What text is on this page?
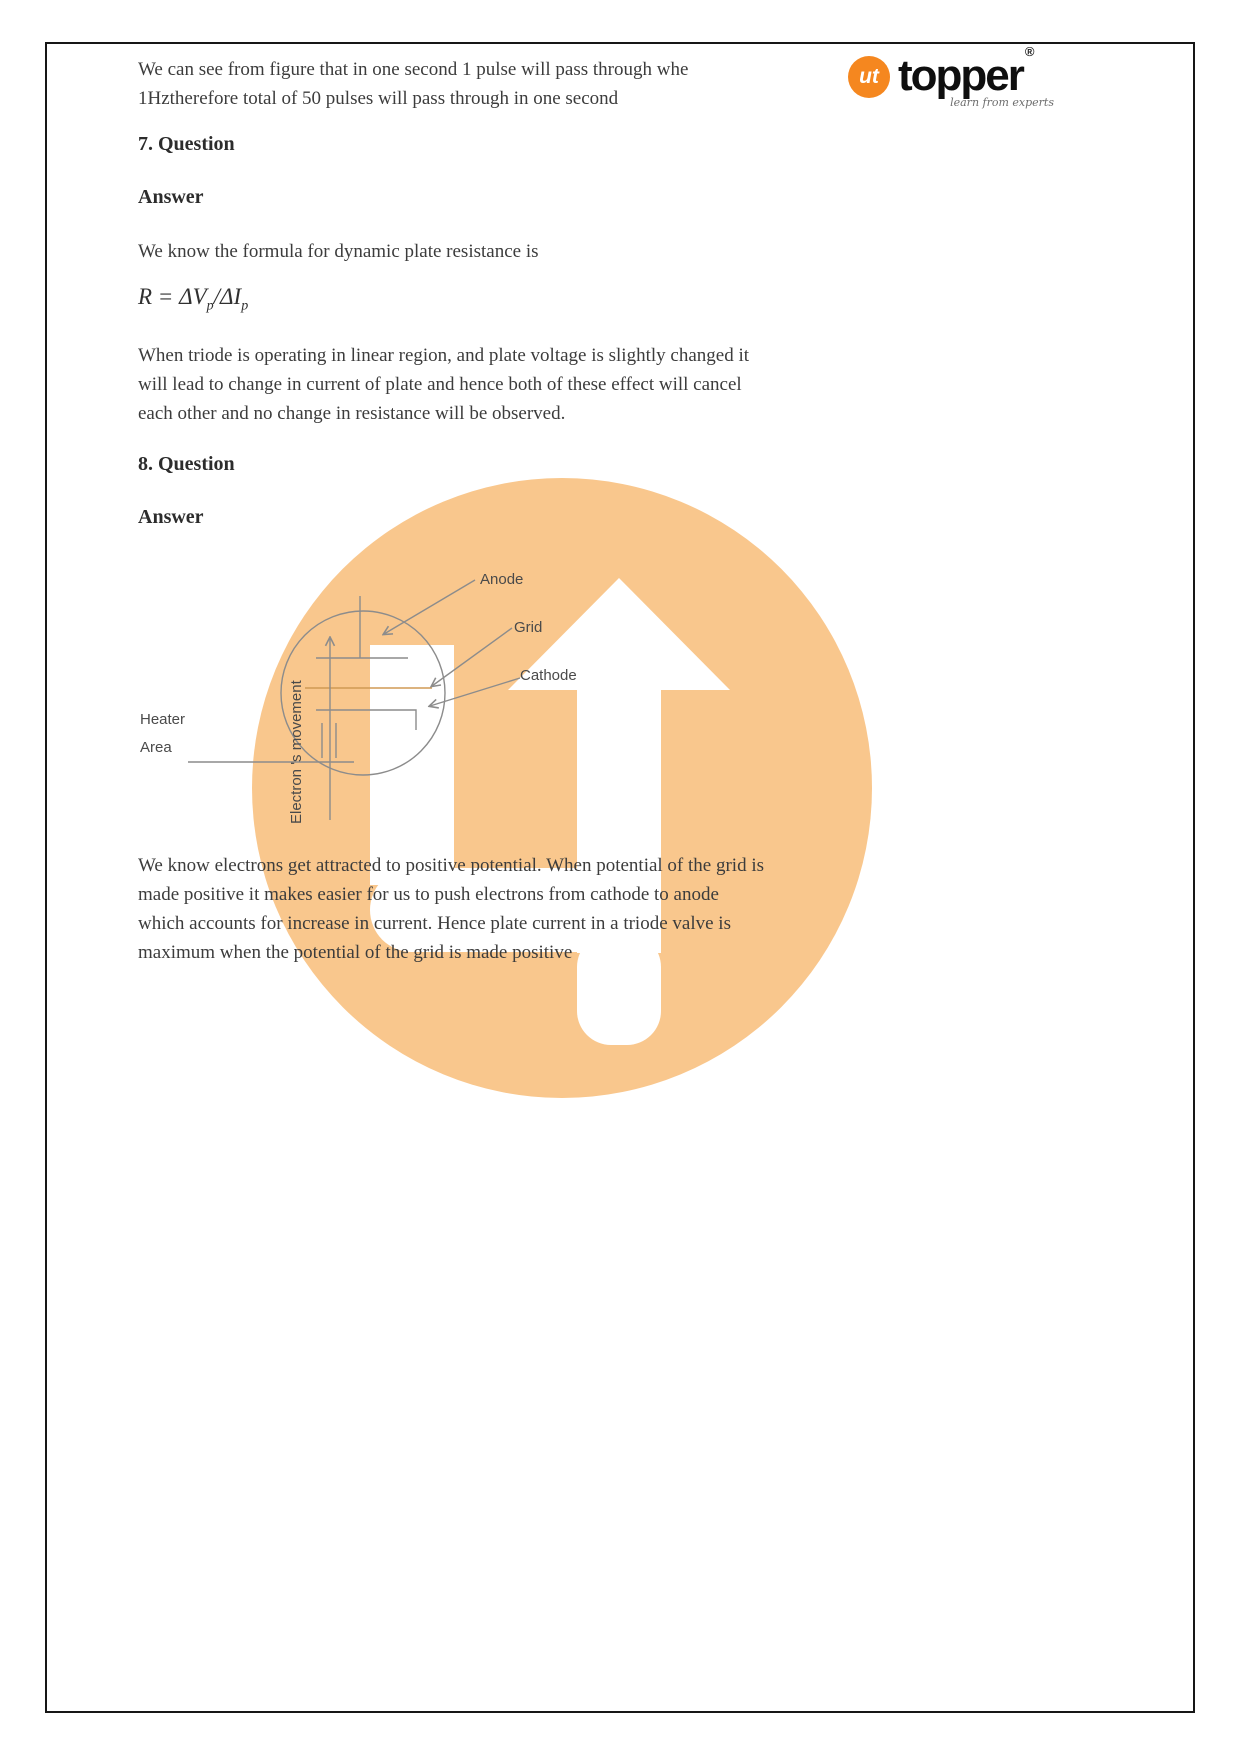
ut topper ®
learn from experts
We can see from figure that in one second 1 pulse will pass through whe
1Hztherefore total of 50 pulses will pass through in one second
7. Question
Answer
We know the formula for dynamic plate resistance is
$R = \Delta V_p/\Delta I_p$
When triode is operating in linear region, and plate voltage is slightly changed it
will lead to change in current of plate and hence both of these effect will cancel
each other and no change in resistance will be observed.
8. Question
Answer
Anode
Grid
Cathode
Heater
Area	Electron 's movement
We know electrons get attracted to positive potential. When potential of the grid is
made positive it makes easier for us to push electrons from cathode to anode
which accounts for increase in current. Hence plate current in a triode valve is
maximum when the potential of the grid is made positive
